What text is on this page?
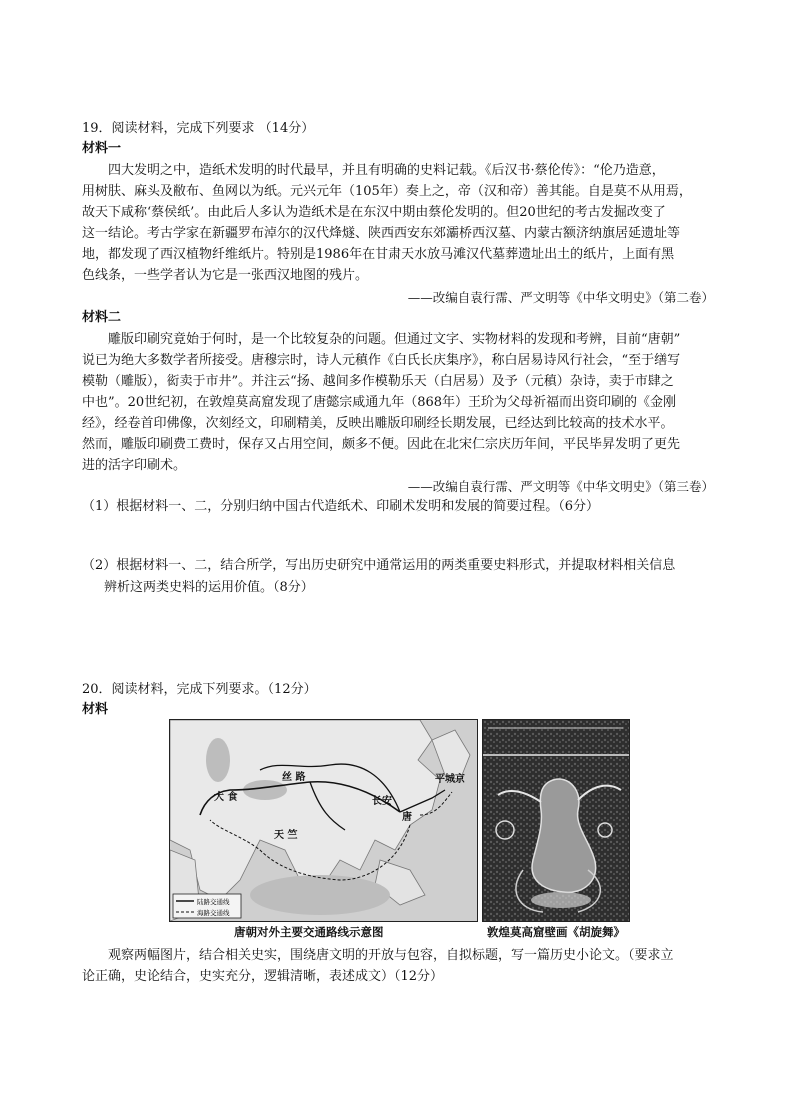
19．阅读材料，完成下列要求 （14分）
材料一
四大发明之中，造纸术发明的时代最早，并且有明确的史料记载。《后汉书·蔡伦传》：“伦乃造意，
用树肤、麻头及敝布、鱼网以为纸。元兴元年（105年）奏上之，帝（汉和帝）善其能。自是莫不从用焉，
故天下咸称‘蔡侯纸’。由此后人多认为造纸术是在东汉中期由蔡伦发明的。但20世纪的考古发掘改变了
这一结论。考古学家在新疆罗布淖尔的汉代烽燧、陕西西安东郊灞桥西汉墓、内蒙古额济纳旗居延遗址等
地，都发现了西汉植物纤维纸片。特别是1986年在甘肃天水放马滩汉代墓葬遗址出土的纸片，上面有黑
色线条，一些学者认为它是一张西汉地图的残片。
——改编自袁行霈、严文明等《中华文明史》（第二卷）
材料二
雕版印刷究竟始于何时，是一个比较复杂的问题。但通过文字、实物材料的发现和考辨，目前“唐朝”
说已为绝大多数学者所接受。唐穆宗时，诗人元稹作《白氏长庆集序》，称白居易诗风行社会，“至于缮写
模勒（雕版），衒卖于市井”。并注云“扬、越间多作模勒乐天（白居易）及予（元稹）杂诗，卖于市肆之
中也”。20世纪初，在敦煌莫高窟发现了唐懿宗咸通九年（868年）王玠为父母祈福而出资印刷的《金刚
经》，经卷首印佛像，次刻经文，印刷精美，反映出雕版印刷经长期发展，已经达到比较高的技术水平。
然而，雕版印刷费工费时，保存又占用空间，颇多不便。因此在北宋仁宗庆历年间，平民毕昇发明了更先
进的活字印刷术。
——改编自袁行霈、严文明等《中华文明史》（第三卷）
（1）根据材料一、二，分别归纳中国古代造纸术、印刷术发明和发展的简要过程。（6分）
（2）根据材料一、二，结合所学，写出历史研究中通常运用的两类重要史料形式，并提取材料相关信息
辨析这两类史料的运用价值。（8分）
20．阅读材料，完成下列要求。（12分）
材料
大 食
天 竺
丝 路
唐
长安
平城京
陆路交通线
海路交通线
唐朝对外主要交通路线示意图	敦煌莫高窟壁画《胡旋舞》
观察两幅图片，结合相关史实，围绕唐文明的开放与包容，自拟标题，写一篇历史小论文。（要求立
论正确，史论结合，史实充分，逻辑清晰，表述成文）（12分）
